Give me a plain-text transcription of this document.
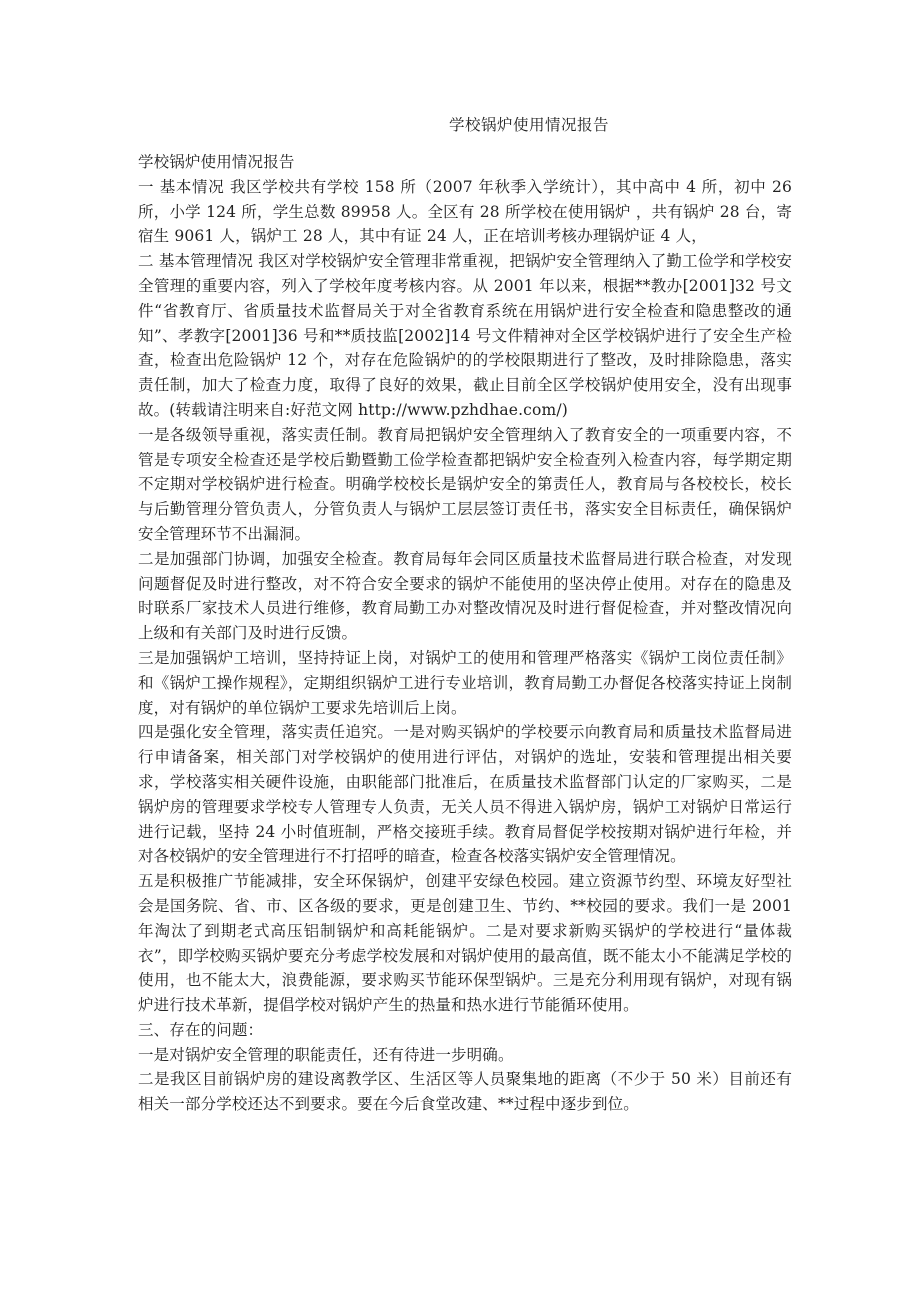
学校锅炉使用情况报告

学校锅炉使用情况报告

一 基本情况 我区学校共有学校 158 所（2007 年秋季入学统计），其中高中 4 所，初中 26 所，小学 124 所，学生总数 89958 人。全区有 28 所学校在使用锅炉 ，共有锅炉 28 台，寄宿生 9061 人，锅炉工 28 人，其中有证 24 人，正在培训考核办理锅炉证 4 人，

二 基本管理情况 我区对学校锅炉安全管理非常重视，把锅炉安全管理纳入了勤工俭学和学校安全管理的重要内容，列入了学校年度考核内容。从 2001 年以来，根据**教办[2001]32 号文件“省教育厅、省质量技术监督局关于对全省教育系统在用锅炉进行安全检查和隐患整改的通知”、孝教字[2001]36 号和**质技监[2002]14 号文件精神对全区学校锅炉进行了安全生产检查，检查出危险锅炉 12 个，对存在危险锅炉的的学校限期进行了整改，及时排除隐患，落实责任制，加大了检查力度，取得了良好的效果，截止目前全区学校锅炉使用安全，没有出现事故。(转载请注明来自:好范文网 http://www.pzhdhae.com/)

一是各级领导重视，落实责任制。教育局把锅炉安全管理纳入了教育安全的一项重要内容，不管是专项安全检查还是学校后勤暨勤工俭学检查都把锅炉安全检查列入检查内容，每学期定期不定期对学校锅炉进行检查。明确学校校长是锅炉安全的第责任人，教育局与各校校长，校长与后勤管理分管负责人，分管负责人与锅炉工层层签订责任书，落实安全目标责任，确保锅炉安全管理环节不出漏洞。

二是加强部门协调，加强安全检查。教育局每年会同区质量技术监督局进行联合检查，对发现问题督促及时进行整改，对不符合安全要求的锅炉不能使用的坚决停止使用。对存在的隐患及时联系厂家技术人员进行维修，教育局勤工办对整改情况及时进行督促检查，并对整改情况向上级和有关部门及时进行反馈。

三是加强锅炉工培训，坚持持证上岗，对锅炉工的使用和管理严格落实《锅炉工岗位责任制》和《锅炉工操作规程》，定期组织锅炉工进行专业培训，教育局勤工办督促各校落实持证上岗制度，对有锅炉的单位锅炉工要求先培训后上岗。

四是强化安全管理，落实责任追究。一是对购买锅炉的学校要示向教育局和质量技术监督局进行申请备案，相关部门对学校锅炉的使用进行评估，对锅炉的选址，安装和管理提出相关要求，学校落实相关硬件设施，由职能部门批准后，在质量技术监督部门认定的厂家购买，二是锅炉房的管理要求学校专人管理专人负责，无关人员不得进入锅炉房，锅炉工对锅炉日常运行进行记载，坚持 24 小时值班制，严格交接班手续。教育局督促学校按期对锅炉进行年检，并对各校锅炉的安全管理进行不打招呼的暗查，检查各校落实锅炉安全管理情况。

五是积极推广节能减排，安全环保锅炉，创建平安绿色校园。建立资源节约型、环境友好型社会是国务院、省、市、区各级的要求，更是创建卫生、节约、**校园的要求。我们一是 2001 年淘汰了到期老式高压铝制锅炉和高耗能锅炉。二是对要求新购买锅炉的学校进行“量体裁衣”，即学校购买锅炉要充分考虑学校发展和对锅炉使用的最高值，既不能太小不能满足学校的使用，也不能太大，浪费能源，要求购买节能环保型锅炉。三是充分利用现有锅炉，对现有锅炉进行技术革新，提倡学校对锅炉产生的热量和热水进行节能循环使用。

三、存在的问题：

一是对锅炉安全管理的职能责任，还有待进一步明确。

二是我区目前锅炉房的建设离教学区、生活区等人员聚集地的距离（不少于 50 米）目前还有相关一部分学校还达不到要求。要在今后食堂改建、**过程中逐步到位。
